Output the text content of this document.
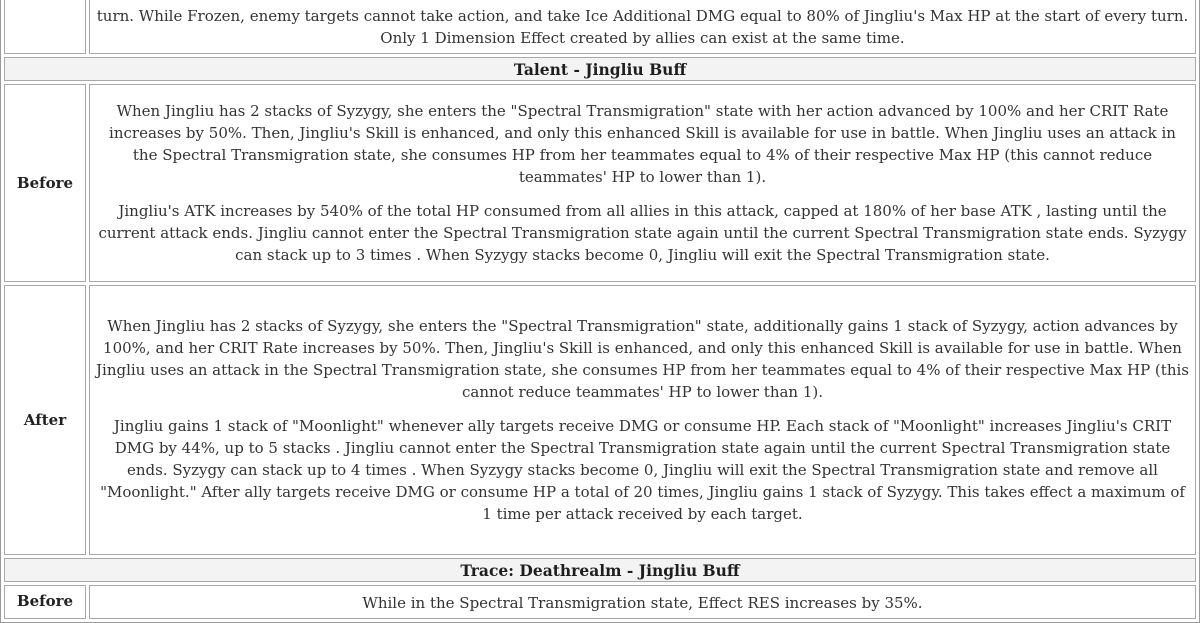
	turn. While Frozen, enemy targets cannot take action, and take Ice Additional DMG equal to 80% of Jingliu's Max HP at the start of every turn. Only 1 Dimension Effect created by allies can exist at the same time.

Talent - Jingliu Buff	
Before	When Jingliu has 2 stacks of Syzygy, she enters the "Spectral Transmigration" state with her action advanced by 100% and her CRIT Rate increases by 50%. Then, Jingliu's Skill is enhanced, and only this enhanced Skill is available for use in battle. When Jingliu uses an attack in the Spectral Transmigration state, she consumes HP from her teammates equal to 4% of their respective Max HP (this cannot reduce teammates' HP to lower than 1).

Jingliu's ATK increases by 540% of the total HP consumed from all allies in this attack, capped at 180% of her base ATK , lasting until the current attack ends. Jingliu cannot enter the Spectral Transmigration state again until the current Spectral Transmigration state ends. Syzygy can stack up to 3 times . When Syzygy stacks become 0, Jingliu will exit the Spectral Transmigration state.

After	When Jingliu has 2 stacks of Syzygy, she enters the "Spectral Transmigration" state, additionally gains 1 stack of Syzygy, action advances by 100%, and her CRIT Rate increases by 50%. Then, Jingliu's Skill is enhanced, and only this enhanced Skill is available for use in battle. When Jingliu uses an attack in the Spectral Transmigration state, she consumes HP from her teammates equal to 4% of their respective Max HP (this cannot reduce teammates' HP to lower than 1).

Jingliu gains 1 stack of "Moonlight" whenever ally targets receive DMG or consume HP. Each stack of "Moonlight" increases Jingliu's CRIT DMG by 44%, up to 5 stacks . Jingliu cannot enter the Spectral Transmigration state again until the current Spectral Transmigration state ends. Syzygy can stack up to 4 times . When Syzygy stacks become 0, Jingliu will exit the Spectral Transmigration state and remove all "Moonlight." After ally targets receive DMG or consume HP a total of 20 times, Jingliu gains 1 stack of Syzygy. This takes effect a maximum of 1 time per attack received by each target.

Trace: Deathrealm - Jingliu Buff	
Before	While in the Spectral Transmigration state, Effect RES increases by 35%.
